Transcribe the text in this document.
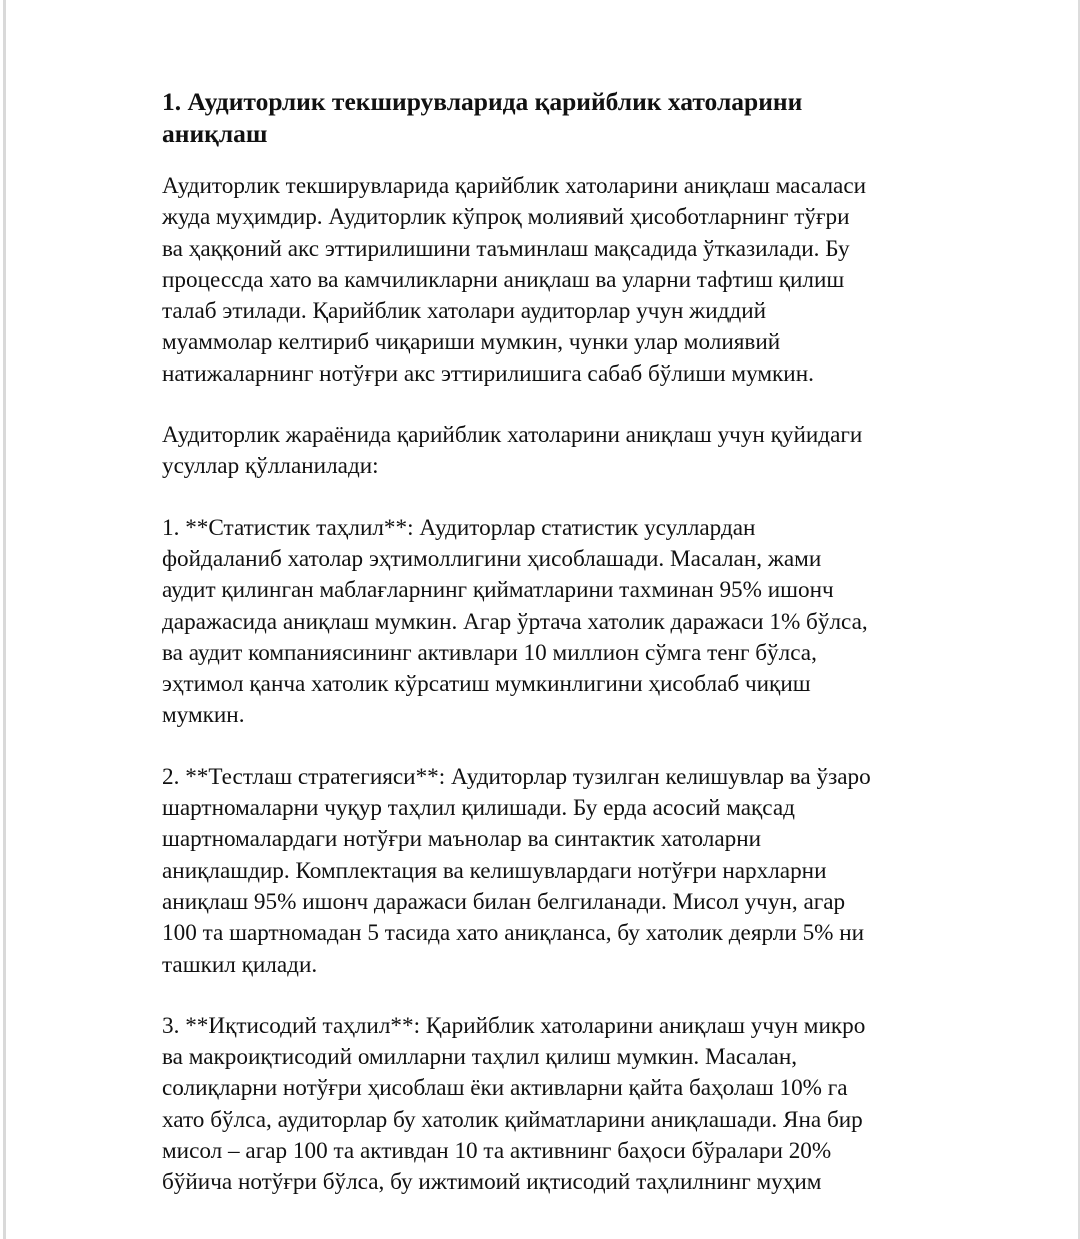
1. Аудиторлик текширувларида қарийблик хатоларини
аниқлаш

Аудиторлик текширувларида қарийблик хатоларини аниқлаш масаласи
жуда муҳимдир. Аудиторлик кўпроқ молиявий ҳисоботларнинг тўғри
ва ҳаққоний акс эттирилишини таъминлаш мақсадида ўтказилади. Бу
процессда хато ва камчиликларни аниқлаш ва уларни тафтиш қилиш
талаб этилади. Қарийблик хатолари аудиторлар учун жиддий
муаммолар келтириб чиқариши мумкин, чунки улар молиявий
натижаларнинг нотўғри акс эттирилишига сабаб бўлиши мумкин.

Аудиторлик жараёнида қарийблик хатоларини аниқлаш учун қуйидаги
усуллар қўлланилади:

1. **Статистик таҳлил**: Аудиторлар статистик усуллардан
фойдаланиб хатолар эҳтимоллигини ҳисоблашади. Масалан, жами
аудит қилинган маблағларнинг қийматларини тахминан 95% ишонч
даражасида аниқлаш мумкин. Агар ўртача хатолик даражаси 1% бўлса,
ва аудит компаниясининг активлари 10 миллион сўмга тенг бўлса,
эҳтимол қанча хатолик кўрсатиш мумкинлигини ҳисоблаб чиқиш
мумкин.

2. **Тестлаш стратегияси**: Аудиторлар тузилган келишувлар ва ўзаро
шартномаларни чуқур таҳлил қилишади. Бу ерда асосий мақсад
шартномалардаги нотўғри маънолар ва синтактик хатоларни
аниқлашдир. Комплектация ва келишувлардаги нотўғри нархларни
аниқлаш 95% ишонч даражаси билан белгиланади. Мисол учун, агар
100 та шартномадан 5 тасида хато аниқланса, бу хатолик деярли 5% ни
ташкил қилади.

3. **Иқтисодий таҳлил**: Қарийблик хатоларини аниқлаш учун микро
ва макроиқтисодий омилларни таҳлил қилиш мумкин. Масалан,
солиқларни нотўғри ҳисоблаш ёки активларни қайта баҳолаш 10% га
хато бўлса, аудиторлар бу хатолик қийматларини аниқлашади. Яна бир
мисол – агар 100 та активдан 10 та активнинг баҳоси бўралари 20%
бўйича нотўғри бўлса, бу ижтимоий иқтисодий таҳлилнинг муҳим
